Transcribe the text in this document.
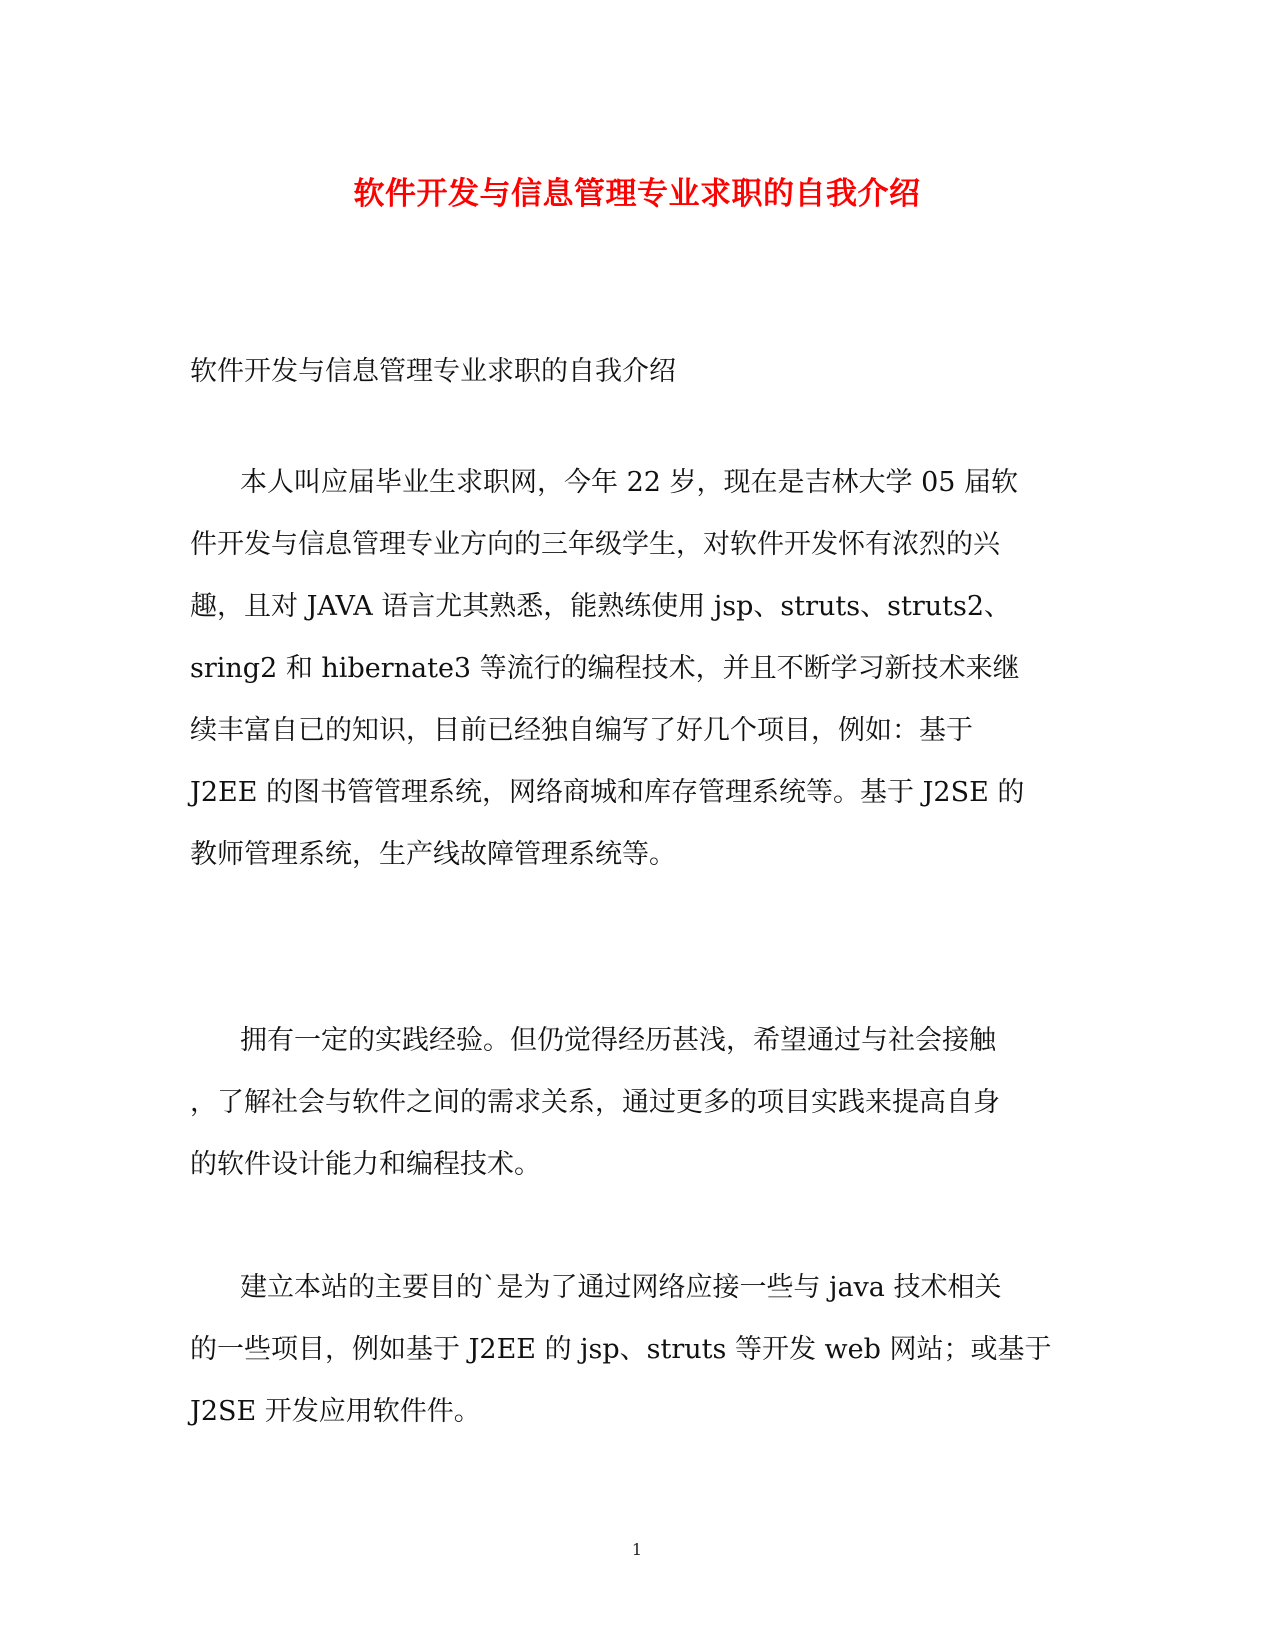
软件开发与信息管理专业求职的自我介绍
软件开发与信息管理专业求职的自我介绍
本人叫应届毕业生求职网，今年 22 岁，现在是吉林大学 05 届软
件开发与信息管理专业方向的三年级学生，对软件开发怀有浓烈的兴
趣，且对 JAVA 语言尤其熟悉，能熟练使用 jsp、struts、struts2、
sring2 和 hibernate3 等流行的编程技术，并且不断学习新技术来继
续丰富自已的知识，目前已经独自编写了好几个项目，例如：基于
J2EE 的图书管管理系统，网络商城和库存管理系统等。基于 J2SE 的
教师管理系统，生产线故障管理系统等。
拥有一定的实践经验。但仍觉得经历甚浅，希望通过与社会接触
，了解社会与软件之间的需求关系，通过更多的项目实践来提高自身
的软件设计能力和编程技术。
建立本站的主要目的`是为了通过网络应接一些与 java 技术相关
的一些项目，例如基于 J2EE 的 jsp、struts 等开发 web 网站；或基于
J2SE 开发应用软件件。
1
